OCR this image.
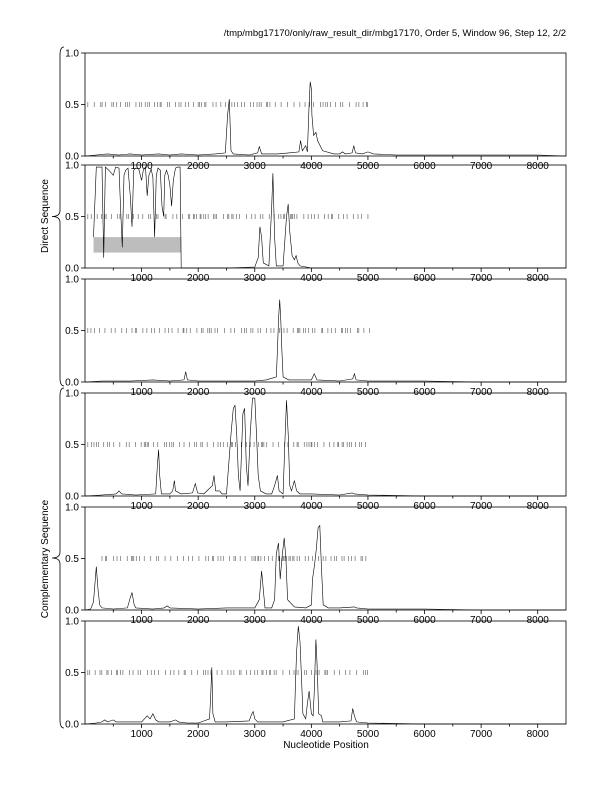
/tmp/mbg17170/only/raw_result_dir/mbg17170, Order 5, Window 96, Step 12, 2/2
0.0
0.5
1.0
1000	2000	3000	4000	5000	6000	7000	8000
0.0
0.5
1.0
1000	2000	3000	4000	5000	6000	7000	8000
0.0
0.5
1.0
1000	2000	3000	4000	5000	6000	7000	8000
0.0
0.5
1.0
1000	2000	3000	4000	5000	6000	7000	8000
0.0
0.5
1.0
1000	2000	3000	4000	5000	6000	7000	8000
0.0
0.5
1.0
1000	2000	3000	4000	5000	6000	7000	8000
Direct Sequence
Complementary Sequence
Nucleotide Position
